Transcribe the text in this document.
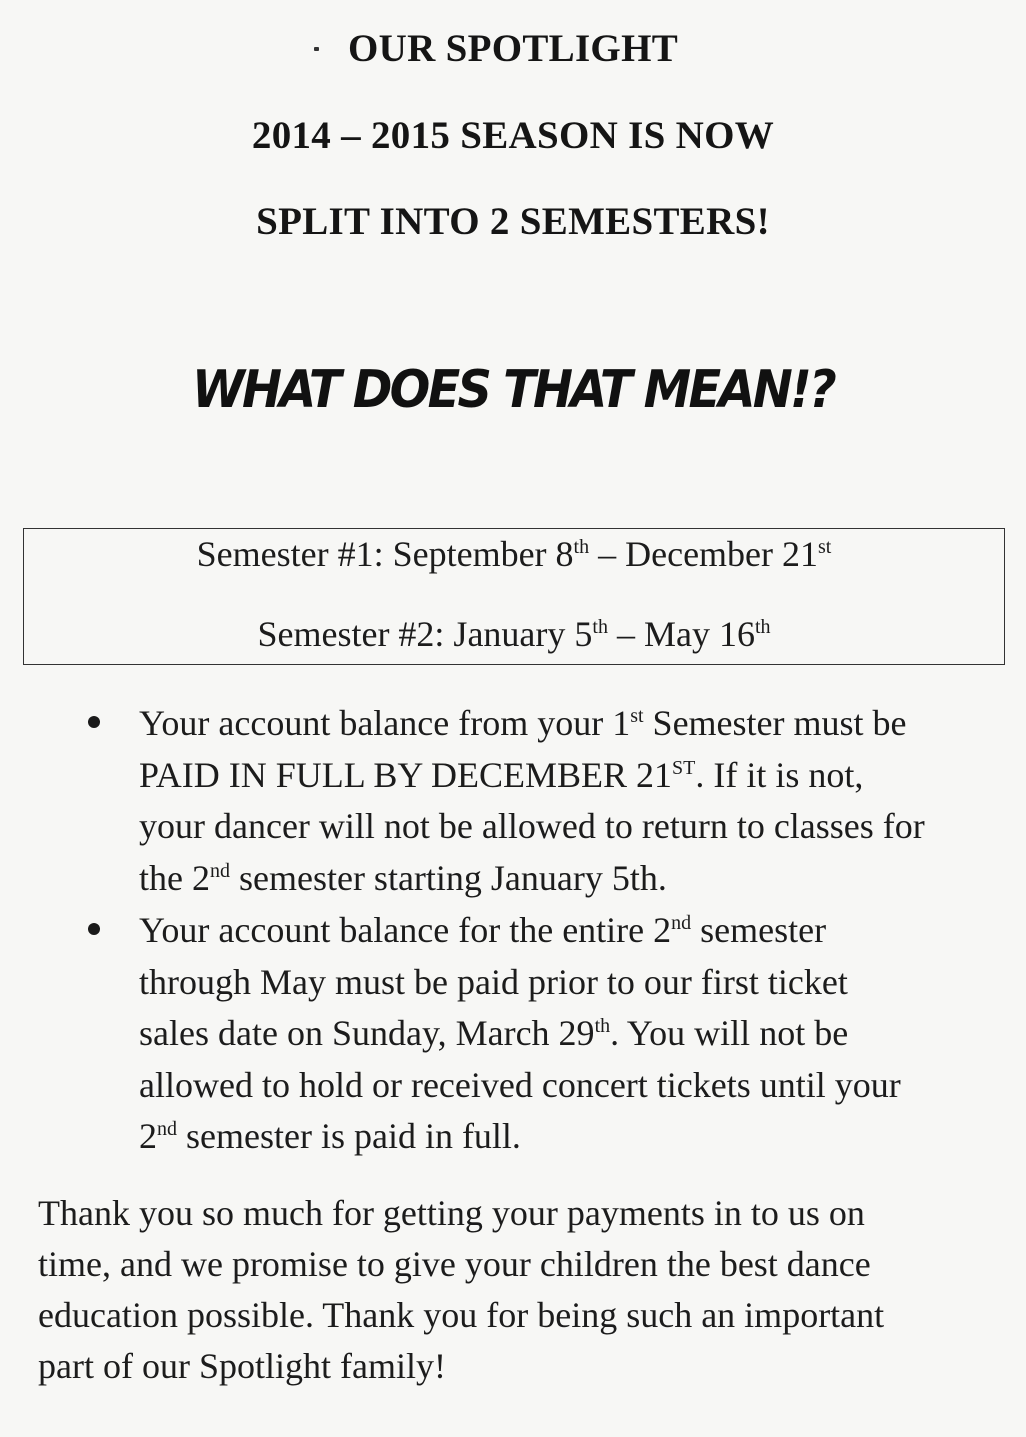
OUR SPOTLIGHT
2014 – 2015 SEASON IS NOW
SPLIT INTO 2 SEMESTERS!
WHAT DOES THAT MEAN!?
Semester #1: September 8th – December 21st
Semester #2: January 5th – May 16th
Your account balance from your 1st Semester must be
PAID IN FULL BY DECEMBER 21ST. If it is not,
your dancer will not be allowed to return to classes for
the 2nd semester starting January 5th.
Your account balance for the entire 2nd semester
through May must be paid prior to our first ticket
sales date on Sunday, March 29th. You will not be
allowed to hold or received concert tickets until your
2nd semester is paid in full.
Thank you so much for getting your payments in to us on
time, and we promise to give your children the best dance
education possible. Thank you for being such an important
part of our Spotlight family!
